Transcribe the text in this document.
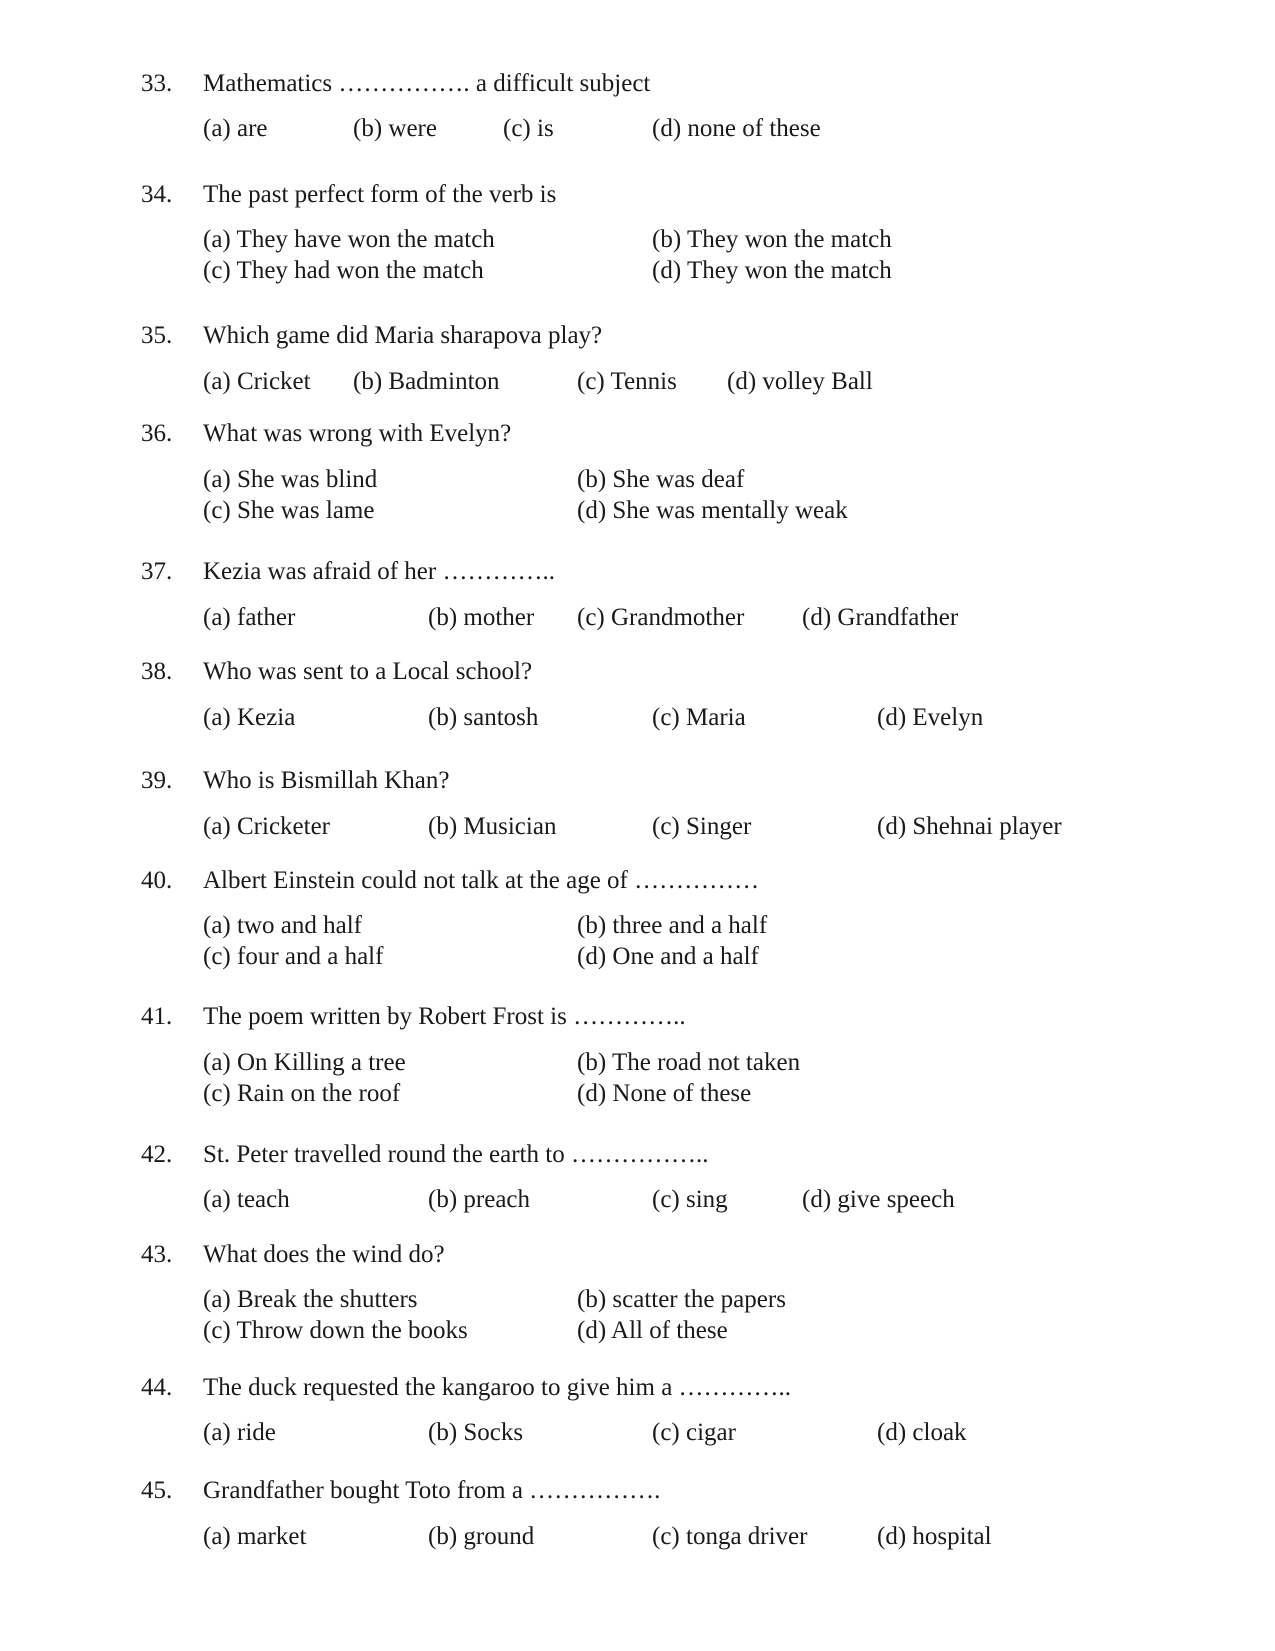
33. Mathematics ……………. a difficult subject
(a) are	(b) were	(c) is	(d) none of these
34. The past perfect form of the verb is
(a) They have won the match	(b) They won the match
(c) They had won the match	(d) They won the match
35. Which game did Maria sharapova play?
(a) Cricket (b) Badminton	(c) Tennis (d) volley Ball
36. What was wrong with Evelyn?
(a) She was blind	(b) She was deaf
(c) She was lame	(d) She was mentally weak
37. Kezia was afraid of her …………..
(a) father	(b) mother (c) Grandmother (d) Grandfather
38. Who was sent to a Local school?
(a) Kezia	(b) santosh	(c) Maria	(d) Evelyn
39. Who is Bismillah Khan?
(a) Cricketer	(b) Musician	(c) Singer	(d) Shehnai player
40. Albert Einstein could not talk at the age of ……………
(a) two and half	(b) three and a half
(c) four and a half	(d) One and a half
41. The poem written by Robert Frost is …………..
(a) On Killing a tree	(b) The road not taken
(c) Rain on the roof	(d) None of these
42. St. Peter travelled round the earth to ……………..
(a) teach	(b) preach	(c) sing	(d) give speech
43. What does the wind do?
(a) Break the shutters	(b) scatter the papers
(c) Throw down the books	(d) All of these
44. The duck requested the kangaroo to give him a …………..
(a) ride	(b) Socks	(c) cigar	(d) cloak
45. Grandfather bought Toto from a …………….
(a) market	(b) ground	(c) tonga driver	(d) hospital
